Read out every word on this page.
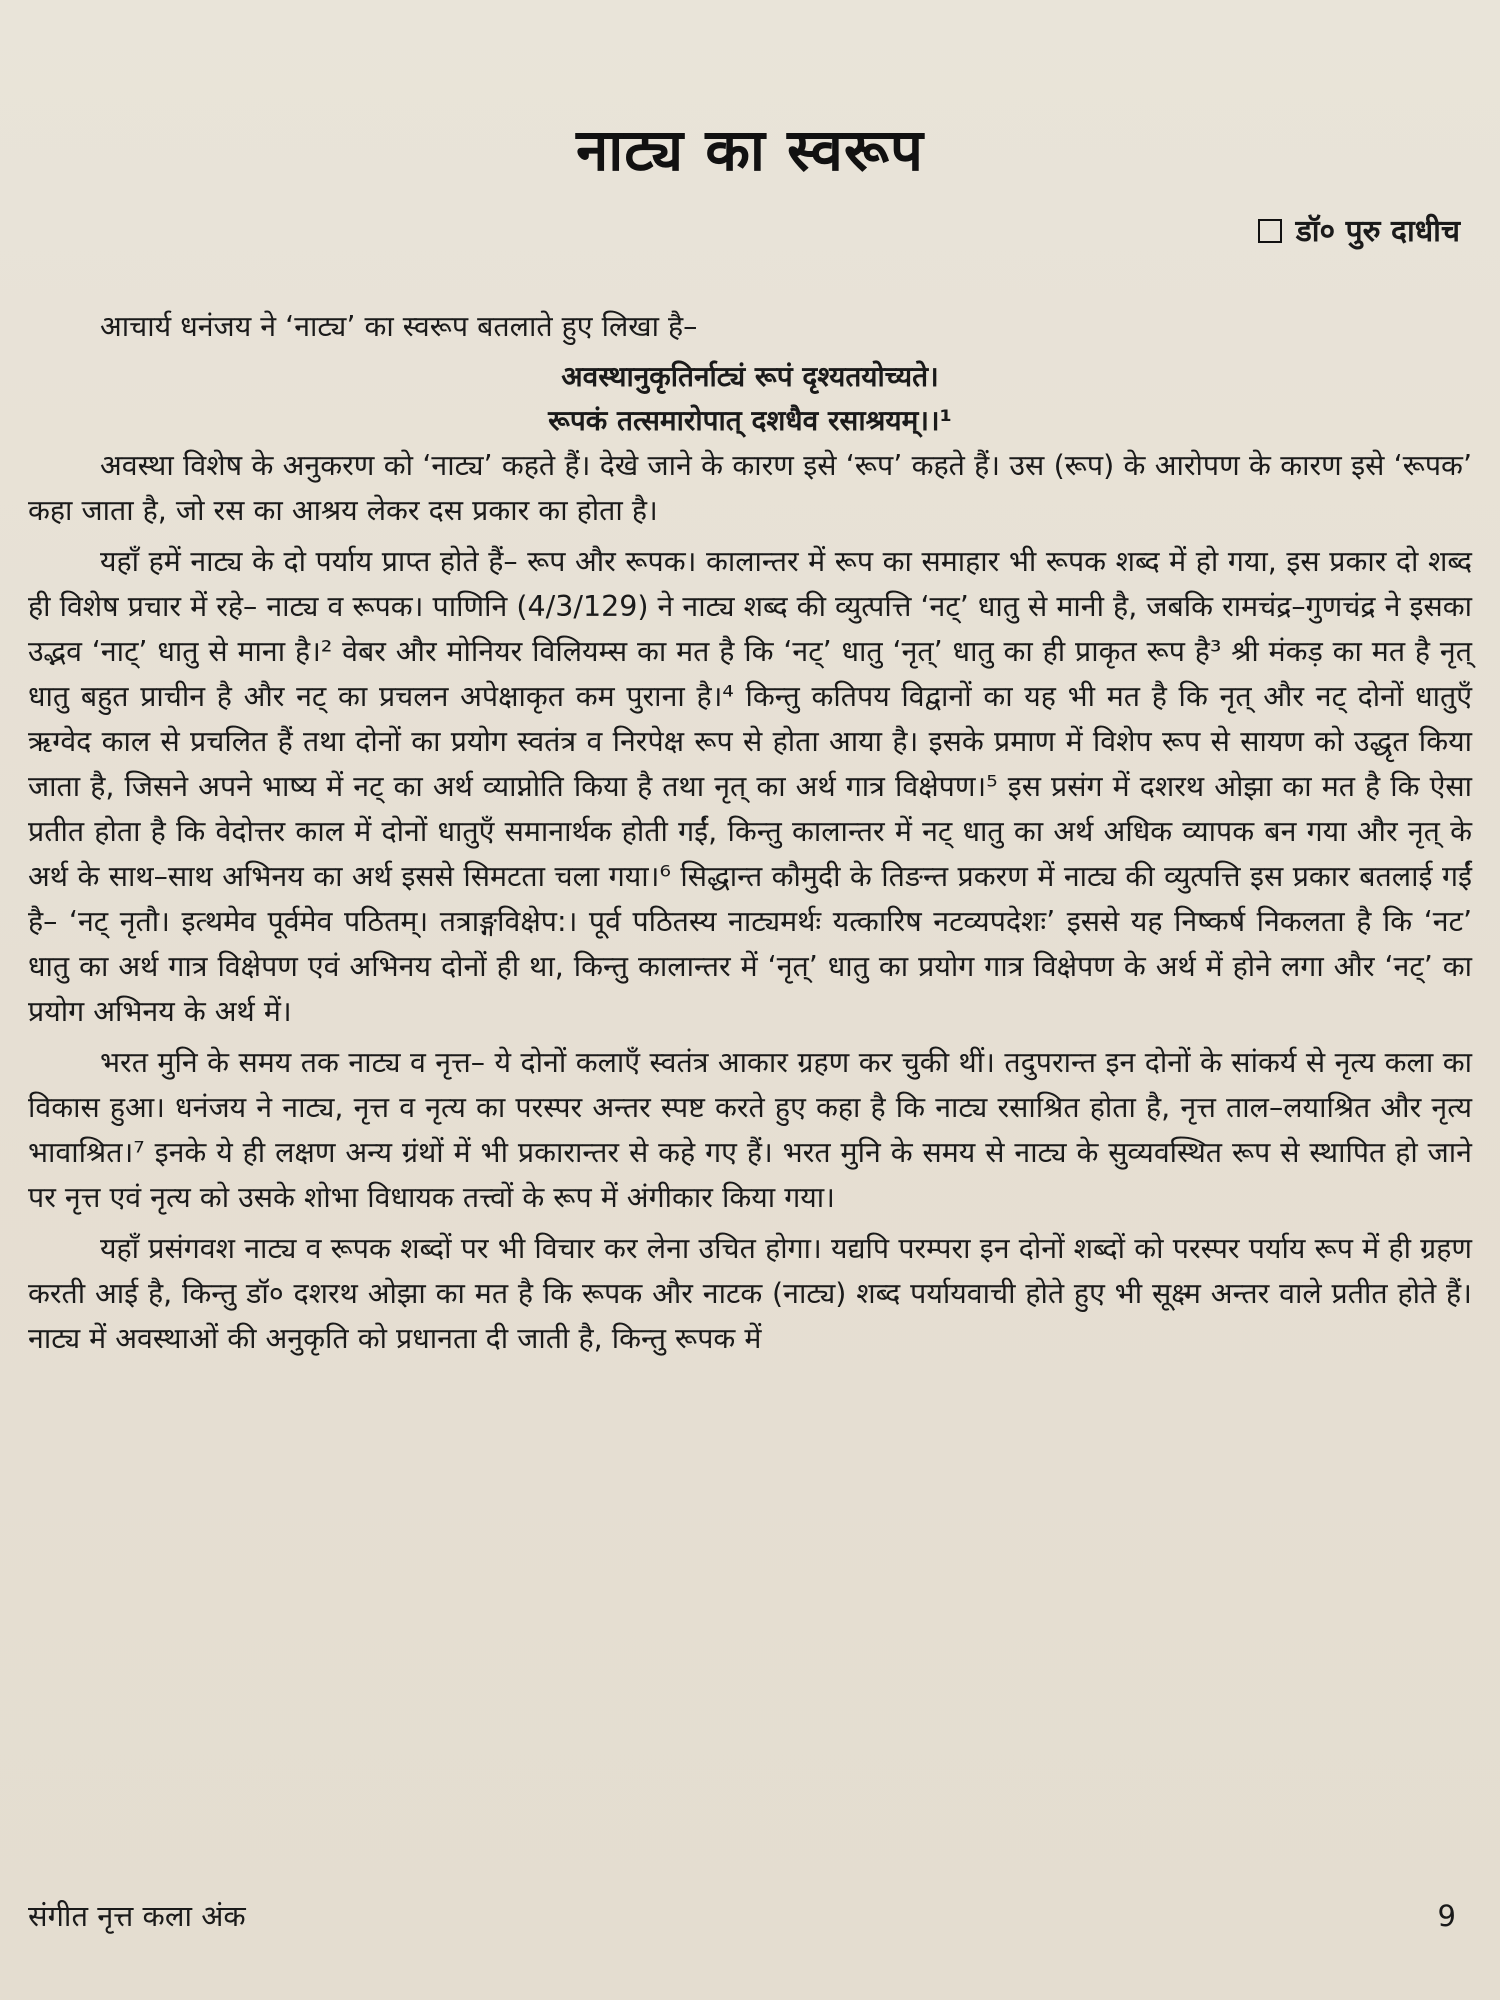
नाट्य का स्वरूप
डॉ० पुरु दाधीच

आचार्य धनंजय ने ‘नाट्य’ का स्वरूप बतलाते हुए लिखा है–

अवस्थानुकृतिर्नाट्यं रूपं दृश्यतयोच्यते।

रूपकं तत्समारोपात् दशधैव रसाश्रयम्।।¹

अवस्था विशेष के अनुकरण को ‘नाट्य’ कहते हैं। देखे जाने के कारण इसे ‘रूप’ कहते हैं। उस (रूप) के आरोपण के कारण इसे ‘रूपक’ कहा जाता है, जो रस का आश्रय लेकर दस प्रकार का होता है।

यहाँ हमें नाट्य के दो पर्याय प्राप्त होते हैं– रूप और रूपक। कालान्तर में रूप का समाहार भी रूपक शब्द में हो गया, इस प्रकार दो शब्द ही विशेष प्रचार में रहे– नाट्य व रूपक। पाणिनि (4/3/129) ने नाट्य शब्द की व्युत्पत्ति ‘नट्’ धातु से मानी है, जबकि रामचंद्र–गुणचंद्र ने इसका उद्भव ‘नाट्’ धातु से माना है।² वेबर और मोनियर विलियम्स का मत है कि ‘नट्’ धातु ‘नृत्’ धातु का ही प्राकृत रूप है³ श्री मंकड़ का मत है नृत् धातु बहुत प्राचीन है और नट् का प्रचलन अपेक्षाकृत कम पुराना है।⁴ किन्तु कतिपय विद्वानों का यह भी मत है कि नृत् और नट् दोनों धातुएँ ऋग्वेद काल से प्रचलित हैं तथा दोनों का प्रयोग स्वतंत्र व निरपेक्ष रूप से होता आया है। इसके प्रमाण में विशेप रूप से सायण को उद्धृत किया जाता है, जिसने अपने भाष्य में नट् का अर्थ व्याप्नोति किया है तथा नृत् का अर्थ गात्र विक्षेपण।⁵ इस प्रसंग में दशरथ ओझा का मत है कि ऐसा प्रतीत होता है कि वेदोत्तर काल में दोनों धातुएँ समानार्थक होती गईं, किन्तु कालान्तर में नट् धातु का अर्थ अधिक व्यापक बन गया और नृत् के अर्थ के साथ–साथ अभिनय का अर्थ इससे सिमटता चला गया।⁶ सिद्धान्त कौमुदी के तिङन्त प्रकरण में नाट्य की व्युत्पत्ति इस प्रकार बतलाई गईं है– ‘नट् नृतौ। इत्थमेव पूर्वमेव पठितम्। तत्राङ्गविक्षेप:। पूर्व पठितस्य नाट्यमर्थः यत्कारिष नटव्यपदेशः’ इससे यह निष्कर्ष निकलता है कि ‘नट’ धातु का अर्थ गात्र विक्षेपण एवं अभिनय दोनों ही था, किन्तु कालान्तर में ‘नृत्’ धातु का प्रयोग गात्र विक्षेपण के अर्थ में होने लगा और ‘नट्’ का प्रयोग अभिनय के अर्थ में।

भरत मुनि के समय तक नाट्य व नृत्त– ये दोनों कलाएँ स्वतंत्र आकार ग्रहण कर चुकी थीं। तदुपरान्त इन दोनों के सांकर्य से नृत्य कला का विकास हुआ। धनंजय ने नाट्य, नृत्त व नृत्य का परस्पर अन्तर स्पष्ट करते हुए कहा है कि नाट्य रसाश्रित होता है, नृत्त ताल–लयाश्रित और नृत्य भावाश्रित।⁷ इनके ये ही लक्षण अन्य ग्रंथों में भी प्रकारान्तर से कहे गए हैं। भरत मुनि के समय से नाट्य के सुव्यवस्थित रूप से स्थापित हो जाने पर नृत्त एवं नृत्य को उसके शोभा विधायक तत्त्वों के रूप में अंगीकार किया गया।

यहाँ प्रसंगवश नाट्य व रूपक शब्दों पर भी विचार कर लेना उचित होगा। यद्यपि परम्परा इन दोनों शब्दों को परस्पर पर्याय रूप में ही ग्रहण करती आई है, किन्तु डॉ० दशरथ ओझा का मत है कि रूपक और नाटक (नाट्य) शब्द पर्यायवाची होते हुए भी सूक्ष्म अन्तर वाले प्रतीत होते हैं। नाट्य में अवस्थाओं की अनुकृति को प्रधानता दी जाती है, किन्तु रूपक में

संगीत नृत्त कला अंक	9
